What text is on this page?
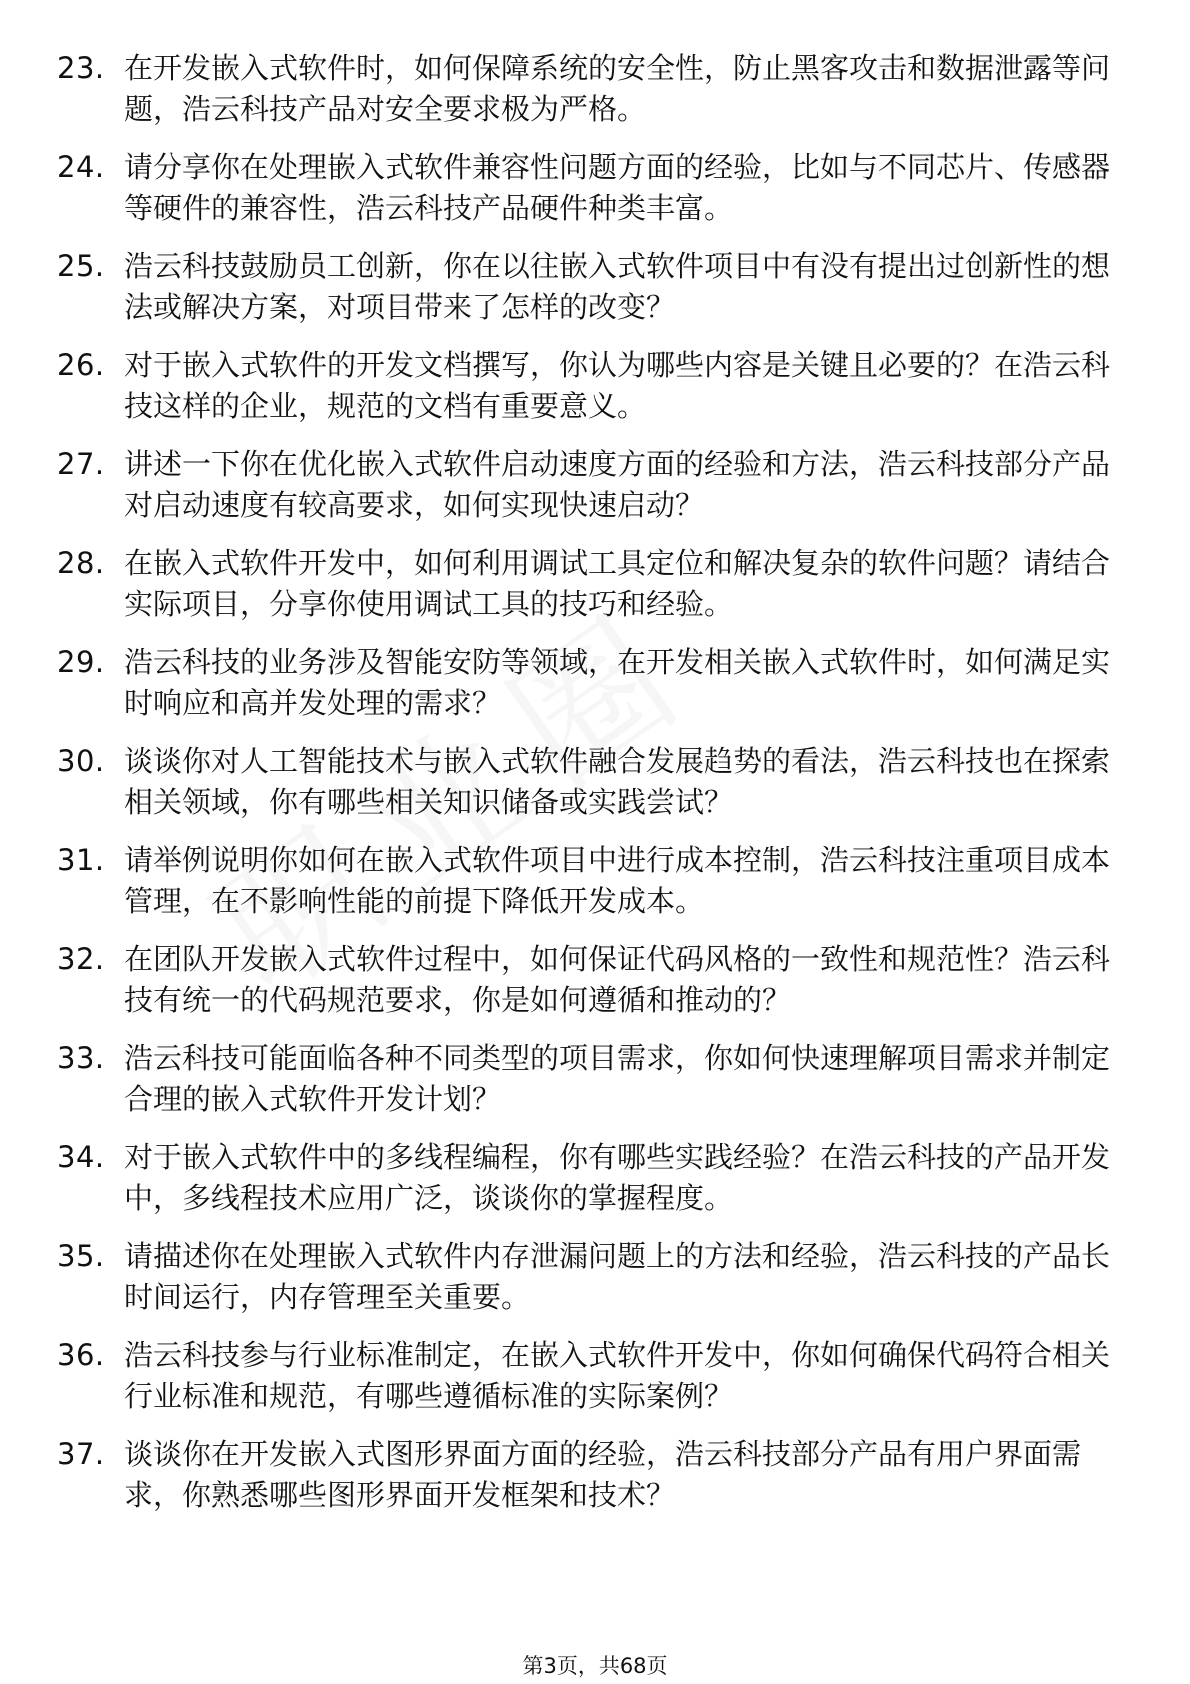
23. 在开发嵌入式软件时，如何保障系统的安全性，防止黑客攻击和数据泄露等问题，浩云科技产品对安全要求极为严格。
24. 请分享你在处理嵌入式软件兼容性问题方面的经验，比如与不同芯片、传感器等硬件的兼容性，浩云科技产品硬件种类丰富。
25. 浩云科技鼓励员工创新，你在以往嵌入式软件项目中有没有提出过创新性的想法或解决方案，对项目带来了怎样的改变？
26. 对于嵌入式软件的开发文档撰写，你认为哪些内容是关键且必要的？在浩云科技这样的企业，规范的文档有重要意义。
27. 讲述一下你在优化嵌入式软件启动速度方面的经验和方法，浩云科技部分产品对启动速度有较高要求，如何实现快速启动？
28. 在嵌入式软件开发中，如何利用调试工具定位和解决复杂的软件问题？请结合实际项目，分享你使用调试工具的技巧和经验。
29. 浩云科技的业务涉及智能安防等领域，在开发相关嵌入式软件时，如何满足实时响应和高并发处理的需求？
30. 谈谈你对人工智能技术与嵌入式软件融合发展趋势的看法，浩云科技也在探索相关领域，你有哪些相关知识储备或实践尝试？
31. 请举例说明你如何在嵌入式软件项目中进行成本控制，浩云科技注重项目成本管理，在不影响性能的前提下降低开发成本。
32. 在团队开发嵌入式软件过程中，如何保证代码风格的一致性和规范性？浩云科技有统一的代码规范要求，你是如何遵循和推动的？
33. 浩云科技可能面临各种不同类型的项目需求，你如何快速理解项目需求并制定合理的嵌入式软件开发计划？
34. 对于嵌入式软件中的多线程编程，你有哪些实践经验？在浩云科技的产品开发中，多线程技术应用广泛，谈谈你的掌握程度。
35. 请描述你在处理嵌入式软件内存泄漏问题上的方法和经验，浩云科技的产品长时间运行，内存管理至关重要。
36. 浩云科技参与行业标准制定，在嵌入式软件开发中，你如何确保代码符合相关行业标准和规范，有哪些遵循标准的实际案例？
37. 谈谈你在开发嵌入式图形界面方面的经验，浩云科技部分产品有用户界面需求，你熟悉哪些图形界面开发框架和技术？
第3页，共68页
